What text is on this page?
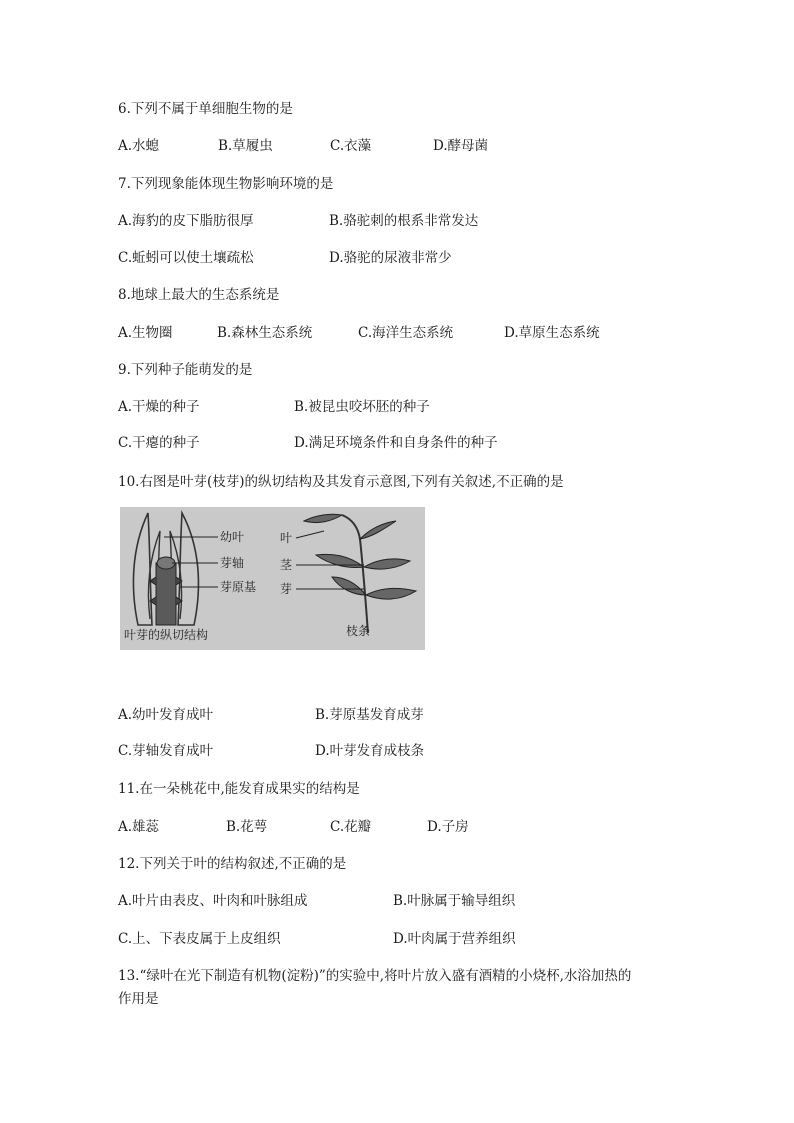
6.下列不属于单细胞生物的是
A.水螅	B.草履虫	C.衣藻	D.酵母菌
7.下列现象能体现生物影响环境的是
A.海豹的皮下脂肪很厚	B.骆驼刺的根系非常发达
C.蚯蚓可以使土壤疏松	D.骆驼的尿液非常少
8.地球上最大的生态系统是
A.生物圈	B.森林生态系统	C.海洋生态系统	D.草原生态系统
9.下列种子能萌发的是
A.干燥的种子	B.被昆虫咬坏胚的种子
C.干瘪的种子	D.满足环境条件和自身条件的种子
10.右图是叶芽(枝芽)的纵切结构及其发育示意图,下列有关叙述,不正确的是
幼叶
芽轴
芽原基
叶芽的纵切结构
叶
茎
芽
枝条
A.幼叶发育成叶	B.芽原基发育成芽
C.芽轴发育成叶	D.叶芽发育成枝条
11.在一朵桃花中,能发育成果实的结构是
A.雄蕊	B.花萼	C.花瓣	D.子房
12.下列关于叶的结构叙述,不正确的是
A.叶片由表皮、叶肉和叶脉组成	B.叶脉属于输导组织
C.上、下表皮属于上皮组织	D.叶肉属于营养组织
13.“绿叶在光下制造有机物(淀粉)”的实验中,将叶片放入盛有酒精的小烧杯,水浴加热的
作用是
